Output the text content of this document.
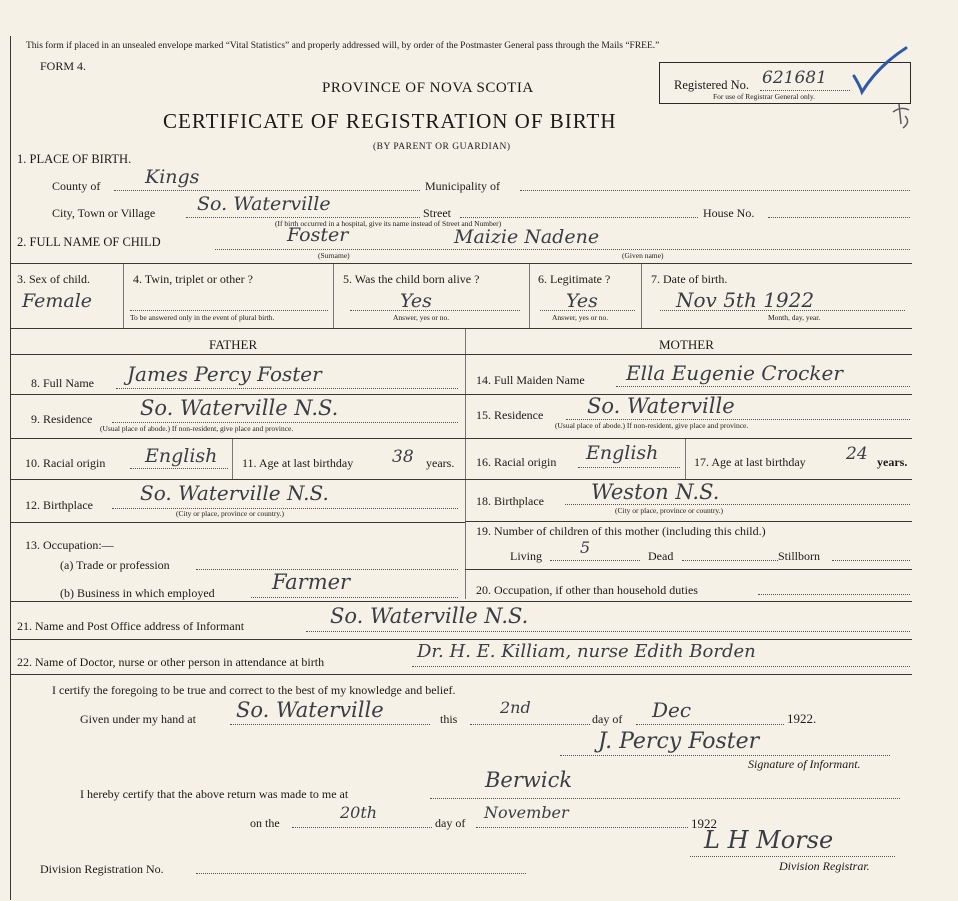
This form if placed in an unsealed envelope marked “Vital Statistics” and properly addressed will, by order of the Postmaster General pass through the Mails “FREE.”
FORM 4.
PROVINCE OF NOVA SCOTIA
CERTIFICATE OF REGISTRATION OF BIRTH
(BY PARENT OR GUARDIAN)
Registered No. 621681
For use of Registrar General only.
1. PLACE OF BIRTH.
County of Kings	Municipality of
City, Town or Village So. Waterville	Street	House No.
(If birth occurred in a hospital, give its name instead of Street and Number)
2. FULL NAME OF CHILD	Foster	Maizie Nadene
(Surname)	(Given name)
3. Sex of child.
Female
4. Twin, triplet or other ?
To be answered only in the event of plural birth.
5. Was the child born alive ?
Yes
Answer, yes or no.
6. Legitimate ?
Yes
Answer, yes or no.
7. Date of birth.
Nov 5th 1922
Month, day, year.
FATHER	MOTHER
8. Full Name James Percy Foster
9. Residence So. Waterville N.S.
(Usual place of abode.) If non-resident, give place and province.
10. Racial origin English 11. Age at last birthday 38 years.
12. Birthplace So. Waterville N.S.
(City or place, province or country.)
13. Occupation:—
(a) Trade or profession
(b) Business in which employed	Farmer
14. Full Maiden Name Ella Eugenie Crocker
15. Residence So. Waterville
(Usual place of abode.) If non-resident, give place and province.
16. Racial origin English	17. Age at last birthday 24 years.
18. Birthplace Weston N.S.
(City or place, province or country.)
19. Number of children of this mother (including this child.)
Living 5	Dead	Stillborn
20. Occupation, if other than household duties
21. Name and Post Office address of Informant	So. Waterville N.S.
22. Name of Doctor, nurse or other person in attendance at birth	Dr. H. E. Killiam, nurse Edith Borden
I certify the foregoing to be true and correct to the best of my knowledge and belief.
Given under my hand at So. Waterville	this
2nd
day of Dec	1922.
J. Percy Foster
Signature of Informant.
I hereby certify that the above return was made to me at
Berwick
on the
20th
day of
November
1922
Division Registration No.
L H Morse
Division Registrar.
